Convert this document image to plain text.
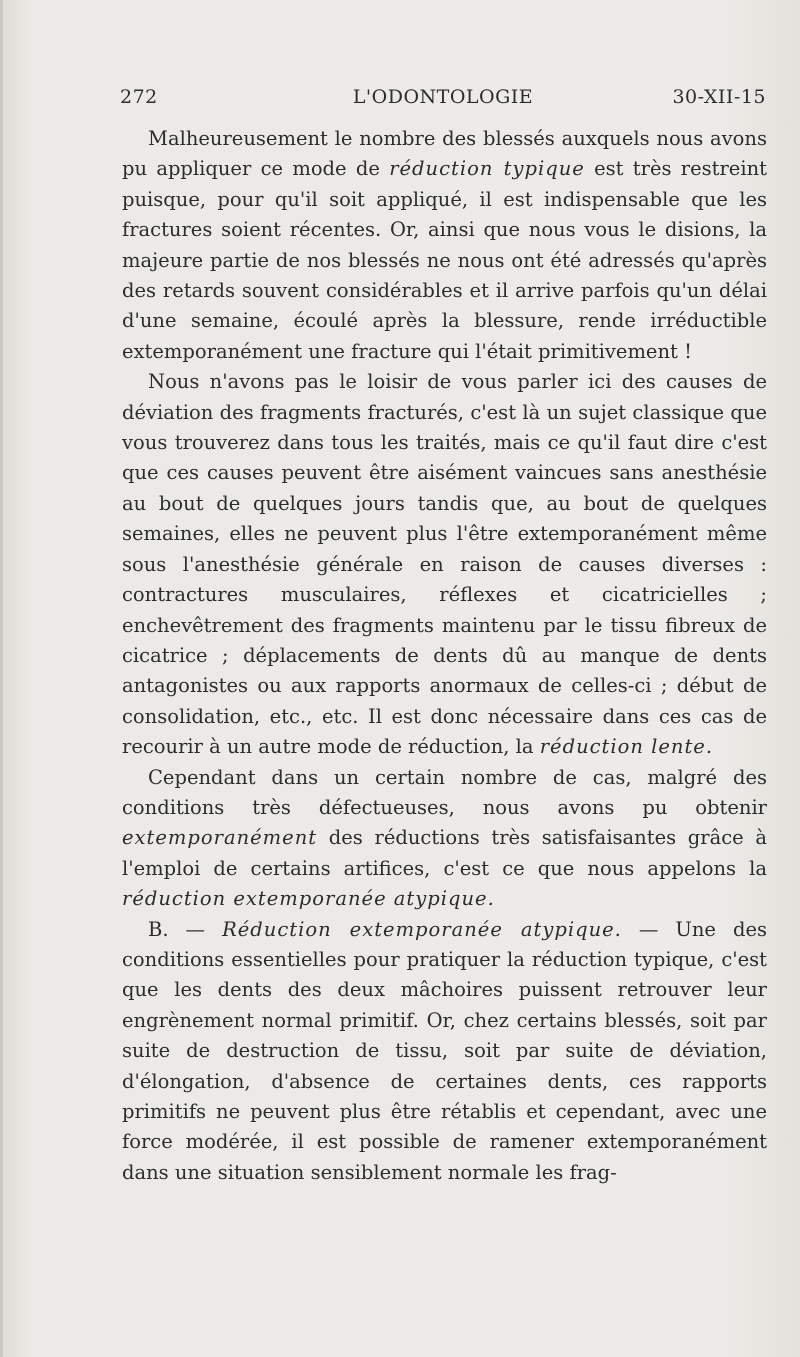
272	L'ODONTOLOGIE	30-XII-15

Malheureusement le nombre des blessés auxquels nous avons pu appliquer ce mode de réduction typique est très restreint puisque, pour qu'il soit appliqué, il est indispensable que les fractures soient récentes. Or, ainsi que nous vous le disions, la majeure partie de nos blessés ne nous ont été adressés qu'après des retards souvent considérables et il arrive parfois qu'un délai d'une semaine, écoulé après la blessure, rende irréductible extemporanément une fracture qui l'était primitivement !

Nous n'avons pas le loisir de vous parler ici des causes de déviation des fragments fracturés, c'est là un sujet classique que vous trouverez dans tous les traités, mais ce qu'il faut dire c'est que ces causes peuvent être aisément vaincues sans anesthésie au bout de quelques jours tandis que, au bout de quelques semaines, elles ne peuvent plus l'être extemporanément même sous l'anesthésie générale en raison de causes diverses : contractures musculaires, réflexes et cicatricielles ; enchevêtrement des fragments maintenu par le tissu fibreux de cicatrice ; déplacements de dents dû au manque de dents antagonistes ou aux rapports anormaux de celles-ci ; début de consolidation, etc., etc. Il est donc nécessaire dans ces cas de recourir à un autre mode de réduction, la réduction lente.

Cependant dans un certain nombre de cas, malgré des conditions très défectueuses, nous avons pu obtenir extemporanément des réductions très satisfaisantes grâce à l'emploi de certains artifices, c'est ce que nous appelons la réduction extemporanée atypique.

B. — Réduction extemporanée atypique. — Une des conditions essentielles pour pratiquer la réduction typique, c'est que les dents des deux mâchoires puissent retrouver leur engrènement normal primitif. Or, chez certains blessés, soit par suite de destruction de tissu, soit par suite de déviation, d'élongation, d'absence de certaines dents, ces rapports primitifs ne peuvent plus être rétablis et cependant, avec une force modérée, il est possible de ramener extemporanément dans une situation sensiblement normale les frag-
